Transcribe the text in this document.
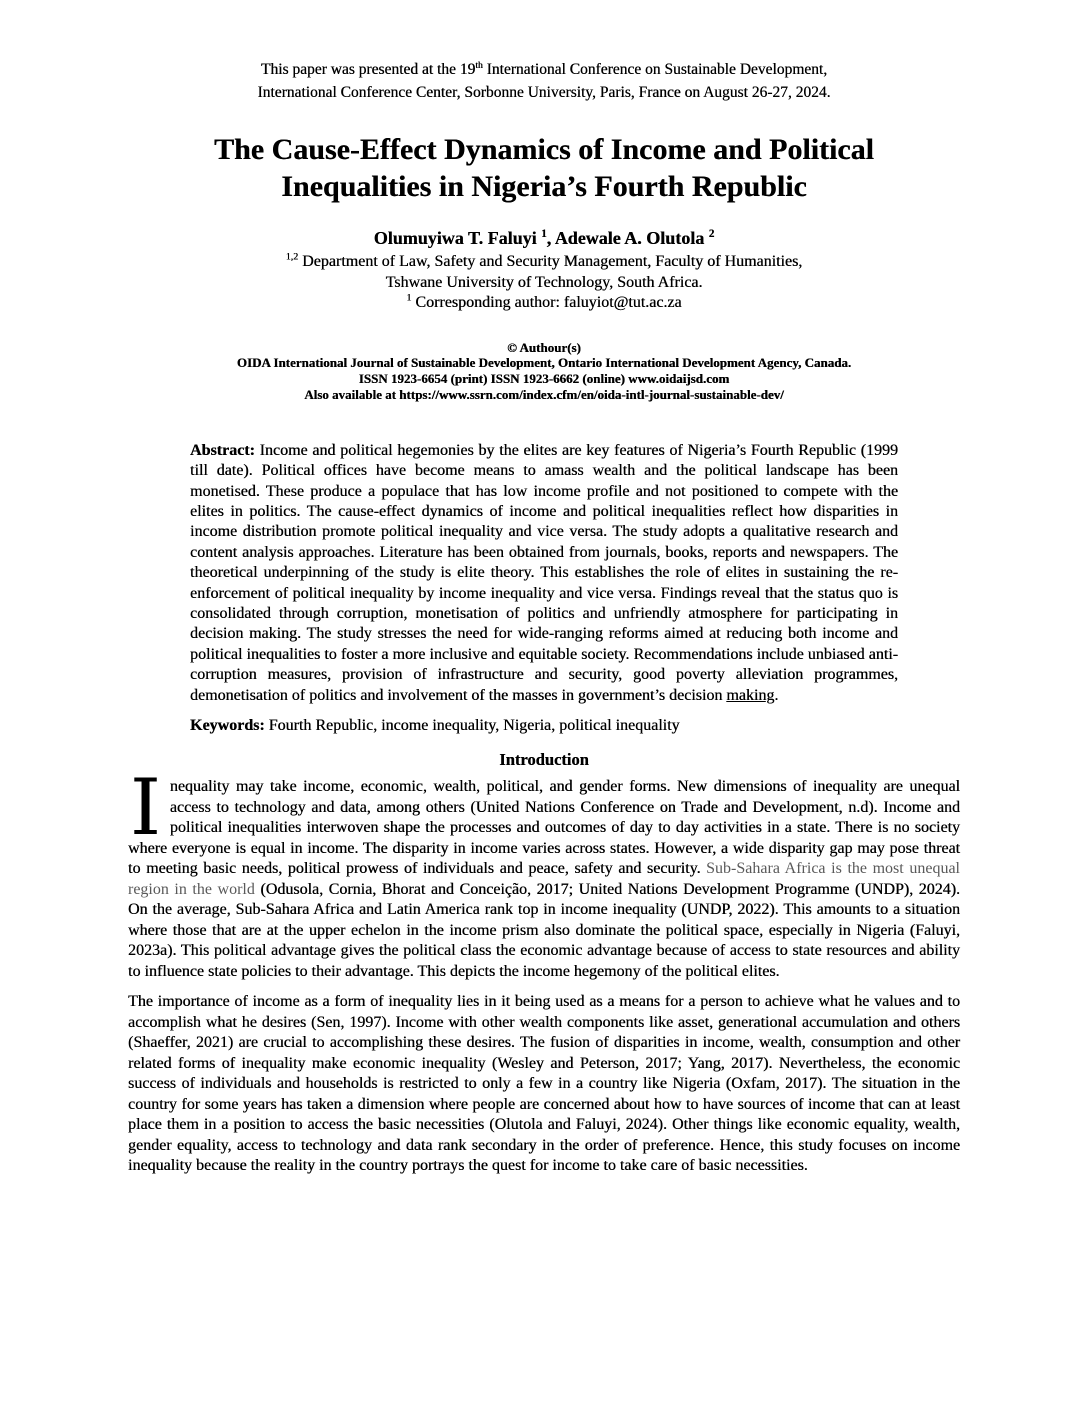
This paper was presented at the 19th International Conference on Sustainable Development,
International Conference Center, Sorbonne University, Paris, France on August 26-27, 2024.

The Cause-Effect Dynamics of Income and Political
Inequalities in Nigeria’s Fourth Republic

Olumuyiwa T. Faluyi $^1$, Adewale A. Olutola $^2$

$^{1,2}$ Department of Law, Safety and Security Management, Faculty of Humanities,

Tshwane University of Technology, South Africa.

$^1$ Corresponding author: faluyiot@tut.ac.za

© Authour(s)

OIDA International Journal of Sustainable Development, Ontario International Development Agency, Canada.

ISSN 1923-6654 (print) ISSN 1923-6662 (online) www.oidaijsd.com

Also available at https://www.ssrn.com/index.cfm/en/oida-intl-journal-sustainable-dev/

Abstract: Income and political hegemonies by the elites are key features of Nigeria’s Fourth Republic (1999 till date). Political offices have become means to amass wealth and the political landscape has been monetised. These produce a populace that has low income profile and not positioned to compete with the elites in politics. The cause-effect dynamics of income and political inequalities reflect how disparities in income distribution promote political inequality and vice versa. The study adopts a qualitative research and content analysis approaches. Literature has been obtained from journals, books, reports and newspapers. The theoretical underpinning of the study is elite theory. This establishes the role of elites in sustaining the re-enforcement of political inequality by income inequality and vice versa. Findings reveal that the status quo is consolidated through corruption, monetisation of politics and unfriendly atmosphere for participating in decision making. The study stresses the need for wide-ranging reforms aimed at reducing both income and political inequalities to foster a more inclusive and equitable society. Recommendations include unbiased anti-corruption measures, provision of infrastructure and security, good poverty alleviation programmes, demonetisation of politics and involvement of the masses in government’s decision making.

Keywords: Fourth Republic, income inequality, Nigeria, political inequality

Introduction

Inequality may take income, economic, wealth, political, and gender forms. New dimensions of inequality are unequal access to technology and data, among others (United Nations Conference on Trade and Development, n.d). Income and political inequalities interwoven shape the processes and outcomes of day to day activities in a state. There is no society where everyone is equal in income. The disparity in income varies across states. However, a wide disparity gap may pose threat to meeting basic needs, political prowess of individuals and peace, safety and security. Sub-Sahara Africa is the most unequal region in the world (Odusola, Cornia, Bhorat and Conceição, 2017; United Nations Development Programme (UNDP), 2024). On the average, Sub-Sahara Africa and Latin America rank top in income inequality (UNDP, 2022). This amounts to a situation where those that are at the upper echelon in the income prism also dominate the political space, especially in Nigeria (Faluyi, 2023a). This political advantage gives the political class the economic advantage because of access to state resources and ability to influence state policies to their advantage. This depicts the income hegemony of the political elites.

The importance of income as a form of inequality lies in it being used as a means for a person to achieve what he values and to accomplish what he desires (Sen, 1997). Income with other wealth components like asset, generational accumulation and others (Shaeffer, 2021) are crucial to accomplishing these desires. The fusion of disparities in income, wealth, consumption and other related forms of inequality make economic inequality (Wesley and Peterson, 2017; Yang, 2017). Nevertheless, the economic success of individuals and households is restricted to only a few in a country like Nigeria (Oxfam, 2017). The situation in the country for some years has taken a dimension where people are concerned about how to have sources of income that can at least place them in a position to access the basic necessities (Olutola and Faluyi, 2024). Other things like economic equality, wealth, gender equality, access to technology and data rank secondary in the order of preference. Hence, this study focuses on income inequality because the reality in the country portrays the quest for income to take care of basic necessities.
